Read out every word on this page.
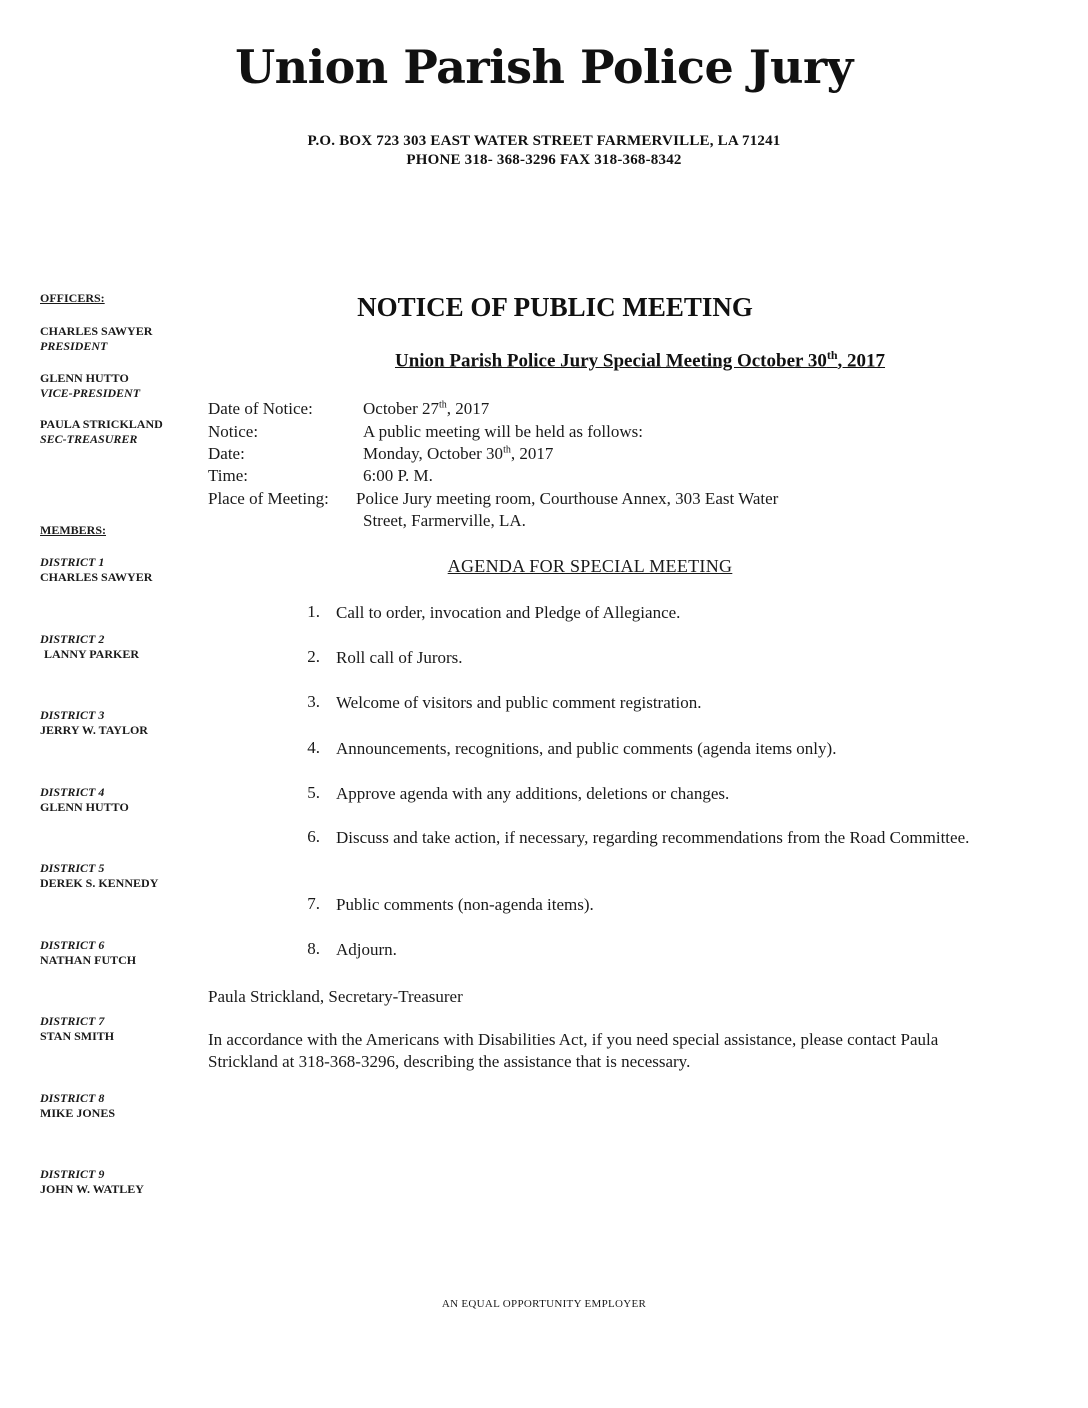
Union Parish Police Jury
P.O. BOX 723 303 EAST WATER STREET FARMERVILLE, LA 71241
PHONE 318- 368-3296 FAX 318-368-8342
OFFICERS:
CHARLES SAWYER
PRESIDENT
GLENN HUTTO
VICE-PRESIDENT
PAULA STRICKLAND
SEC-TREASURER
MEMBERS:
DISTRICT 1
CHARLES SAWYER
DISTRICT 2
LANNY PARKER
DISTRICT 3
JERRY W. TAYLOR
DISTRICT 4
GLENN HUTTO
DISTRICT 5
DEREK S. KENNEDY
DISTRICT 6
NATHAN FUTCH
DISTRICT 7
STAN SMITH
DISTRICT 8
MIKE JONES
DISTRICT 9
JOHN W. WATLEY
NOTICE OF PUBLIC MEETING
Union Parish Police Jury Special Meeting October 30th, 2017
Date of Notice:	October 27th, 2017
Notice:	A public meeting will be held as follows:
Date:	Monday, October 30th, 2017
Time:	6:00 P. M.
Place of Meeting: Police Jury meeting room, Courthouse Annex, 303 East Water
Street, Farmerville, LA.
AGENDA FOR SPECIAL MEETING
1. Call to order, invocation and Pledge of Allegiance.
2. Roll call of Jurors.
3. Welcome of visitors and public comment registration.
4. Announcements, recognitions, and public comments (agenda items only).
5. Approve agenda with any additions, deletions or changes.
6. Discuss and take action, if necessary, regarding recommendations from the Road Committee.
7. Public comments (non-agenda items).
8. Adjourn.
Paula Strickland, Secretary-Treasurer
In accordance with the Americans with Disabilities Act, if you need special assistance, please contact Paula Strickland at 318-368-3296, describing the assistance that is necessary.
AN EQUAL OPPORTUNITY EMPLOYER
